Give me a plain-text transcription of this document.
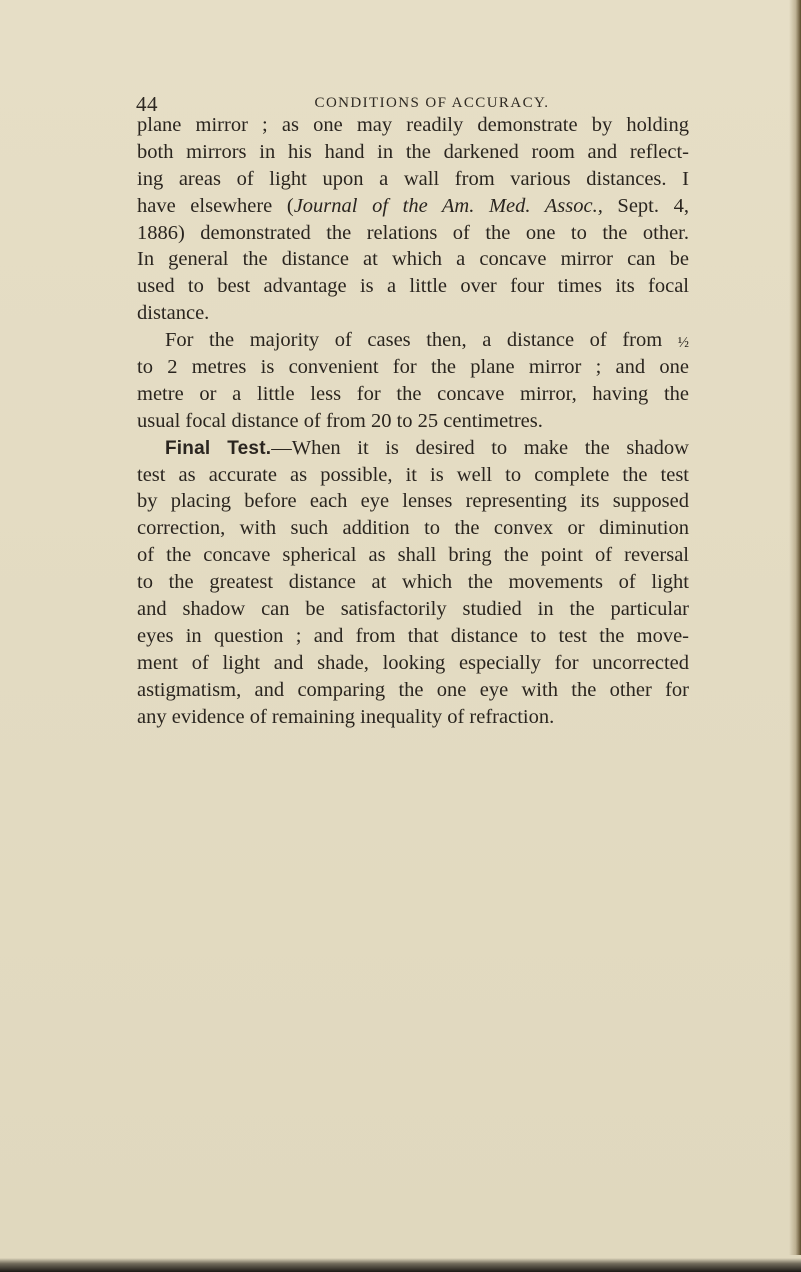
44	CONDITIONS OF ACCURACY.
plane mirror ; as one may readily demonstrate by holding
both mirrors in his hand in the darkened room and reflect-
ing areas of light upon a wall from various distances. I
have elsewhere (Journal of the Am. Med. Assoc., Sept. 4,
1886) demonstrated the relations of the one to the other.
In general the distance at which a concave mirror can be
used to best advantage is a little over four times its focal
distance.
For the majority of cases then, a distance of from ½
to 2 metres is convenient for the plane mirror ; and one
metre or a little less for the concave mirror, having the
usual focal distance of from 20 to 25 centimetres.
Final Test.—When it is desired to make the shadow
test as accurate as possible, it is well to complete the test
by placing before each eye lenses representing its supposed
correction, with such addition to the convex or diminution
of the concave spherical as shall bring the point of reversal
to the greatest distance at which the movements of light
and shadow can be satisfactorily studied in the particular
eyes in question ; and from that distance to test the move-
ment of light and shade, looking especially for uncorrected
astigmatism, and comparing the one eye with the other for
any evidence of remaining inequality of refraction.
